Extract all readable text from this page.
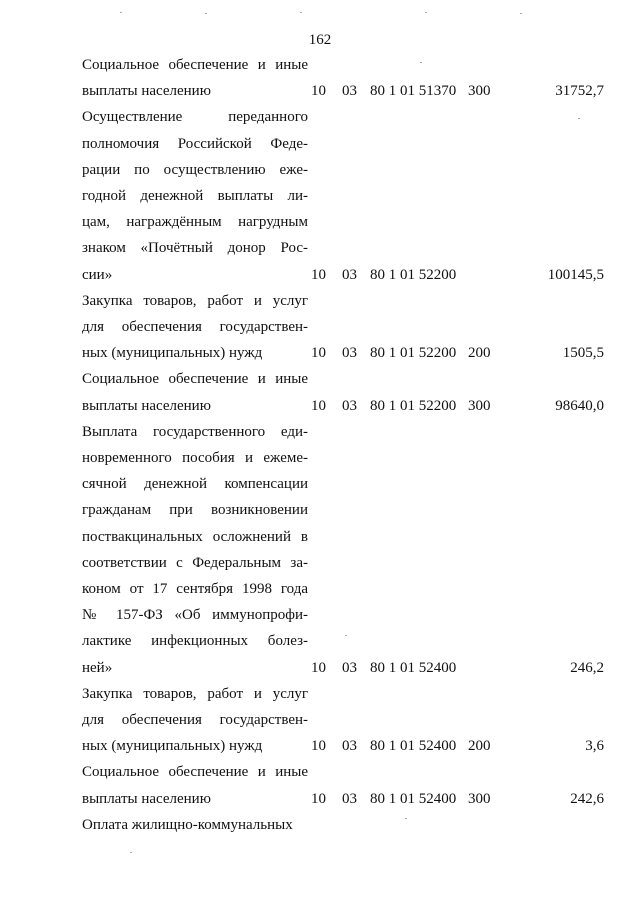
162
Социальное обеспечение и иные
выплаты населению	10	03 80 1 01 51370 300	31752,7
Осуществление переданного
полномочия Российской Феде-
рации по осуществлению еже-
годной денежной выплаты ли-
цам, награждённым нагрудным
знаком «Почётный донор Рос-
сии»	10	03 80 1 01 52200	100145,5
Закупка товаров, работ и услуг
для обеспечения государствен-
ных (муниципальных) нужд	10	03 80 1 01 52200 200	1505,5
Социальное обеспечение и иные
выплаты населению	10	03 80 1 01 52200 300	98640,0
Выплата государственного еди-
новременного пособия и ежеме-
сячной денежной компенсации
гражданам при возникновении
поствакцинальных осложнений в
соответствии с Федеральным за-
коном от 17 сентября 1998 года
№ 157-ФЗ «Об иммунопрофи-
лактике инфекционных болез-
ней»	10	03 80 1 01 52400	246,2
Закупка товаров, работ и услуг
для обеспечения государствен-
ных (муниципальных) нужд	10	03 80 1 01 52400 200	3,6
Социальное обеспечение и иные
выплаты населению	10	03 80 1 01 52400 300	242,6
Оплата жилищно-коммунальных
